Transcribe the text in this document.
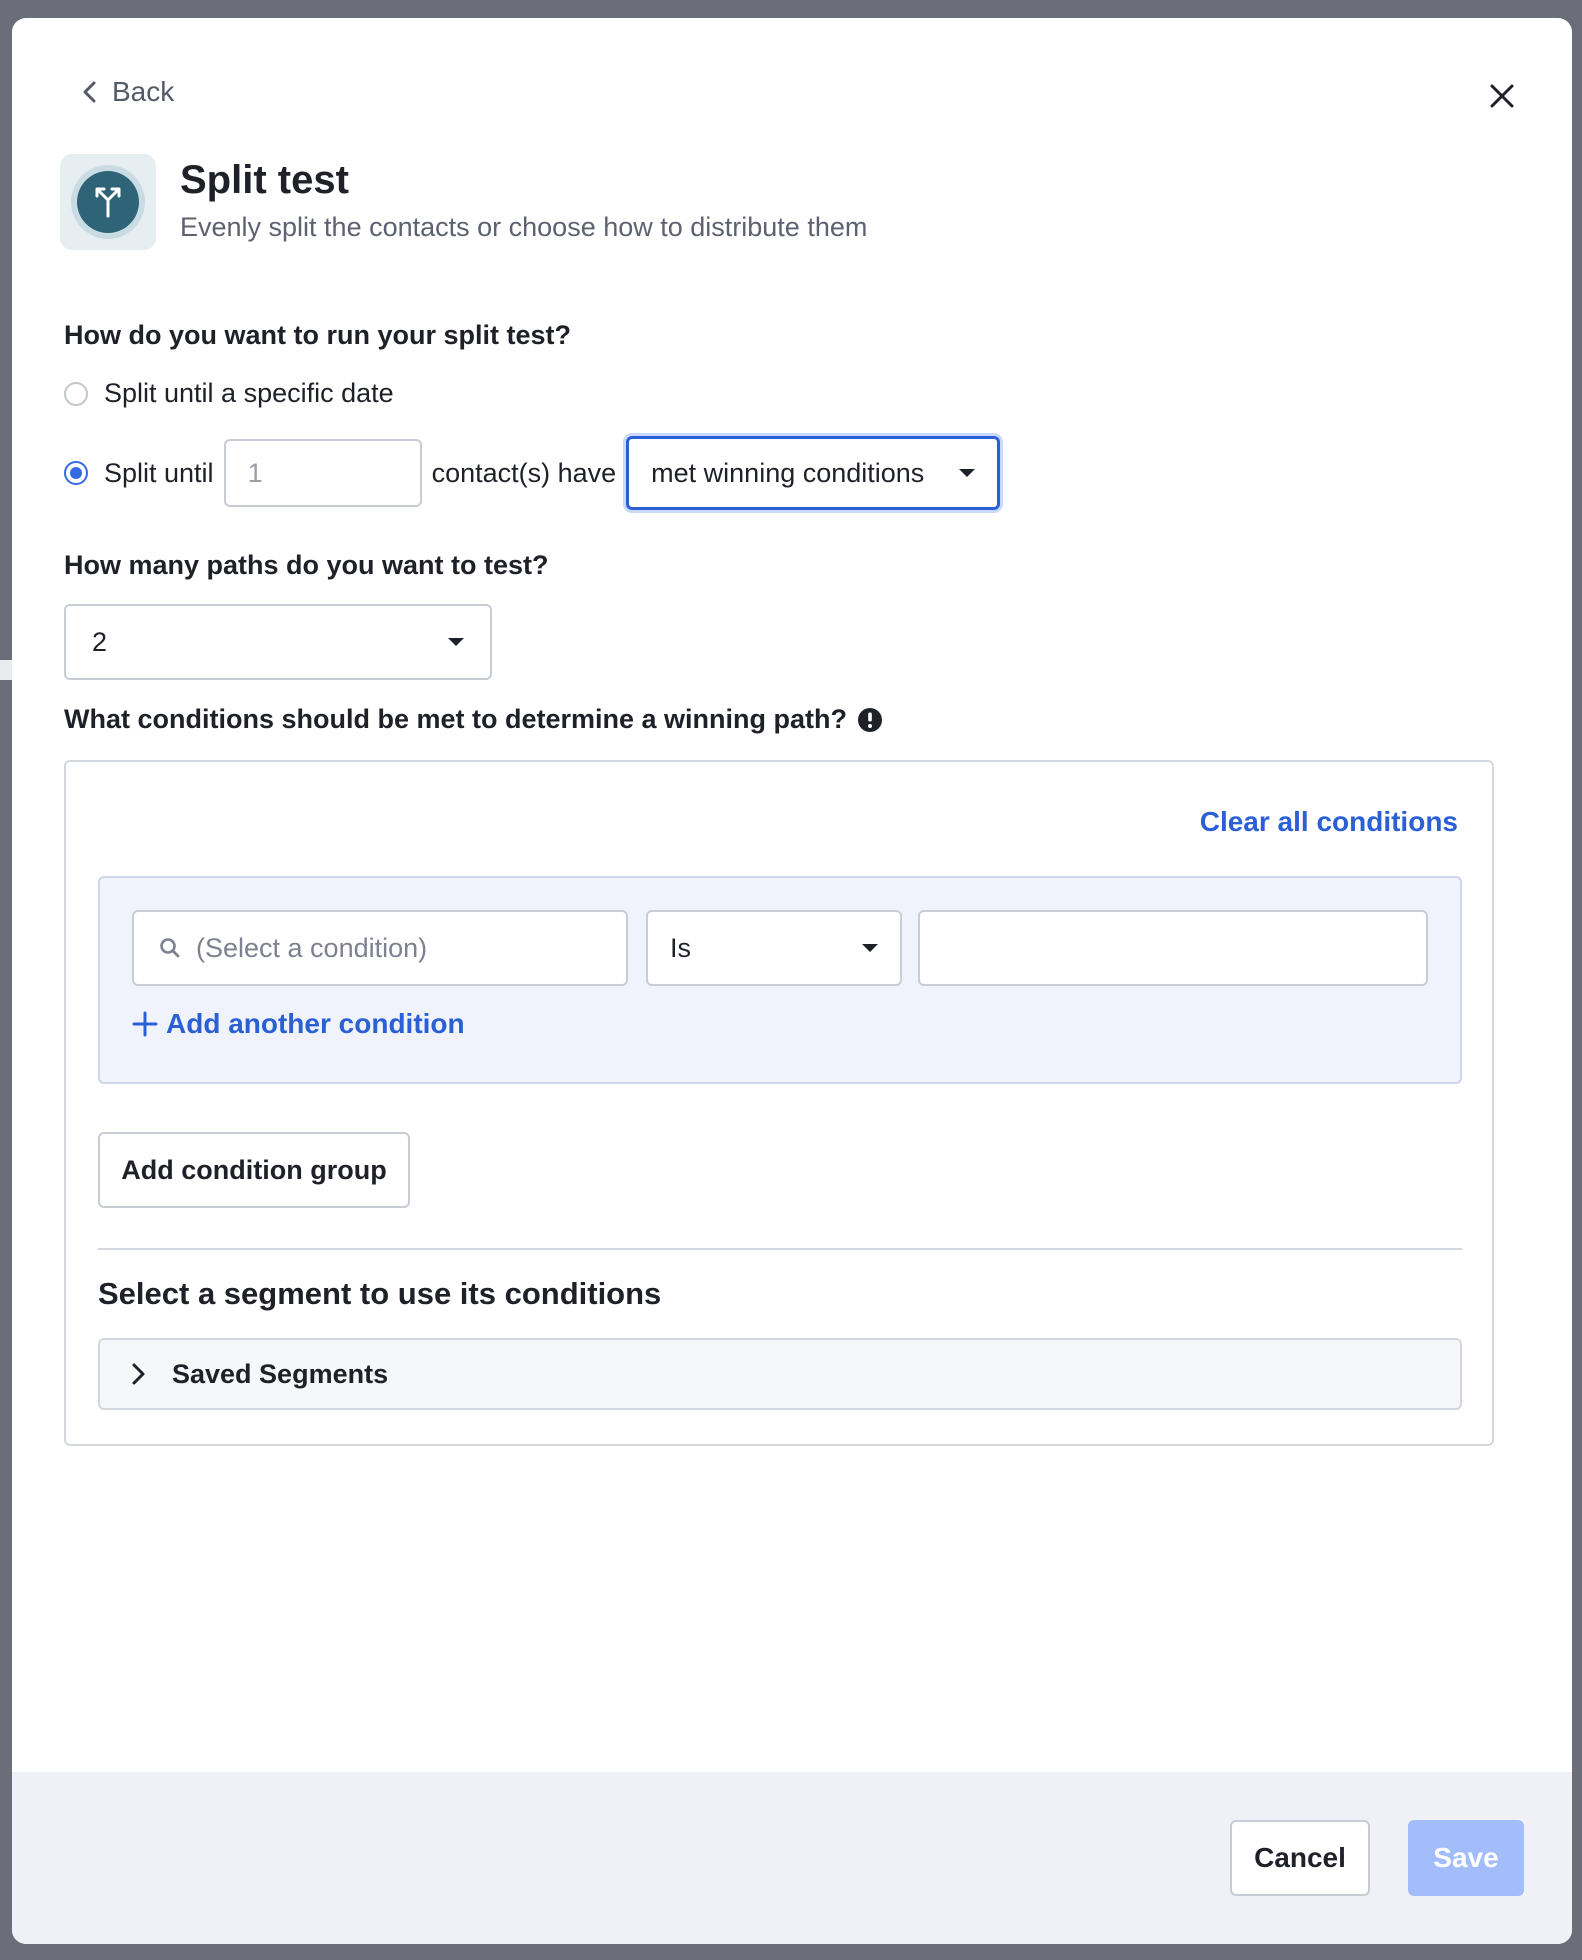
Back
Split test
Evenly split the contacts or choose how to distribute them
How do you want to run your split test?
Split until a specific date
Split until	1	contact(s) have met winning conditions
How many paths do you want to test?
2
What conditions should be met to determine a winning path?
Clear all conditions
(Select a condition)	Is
Add another condition
Add condition group
Select a segment to use its conditions
Saved Segments
Cancel	Save
